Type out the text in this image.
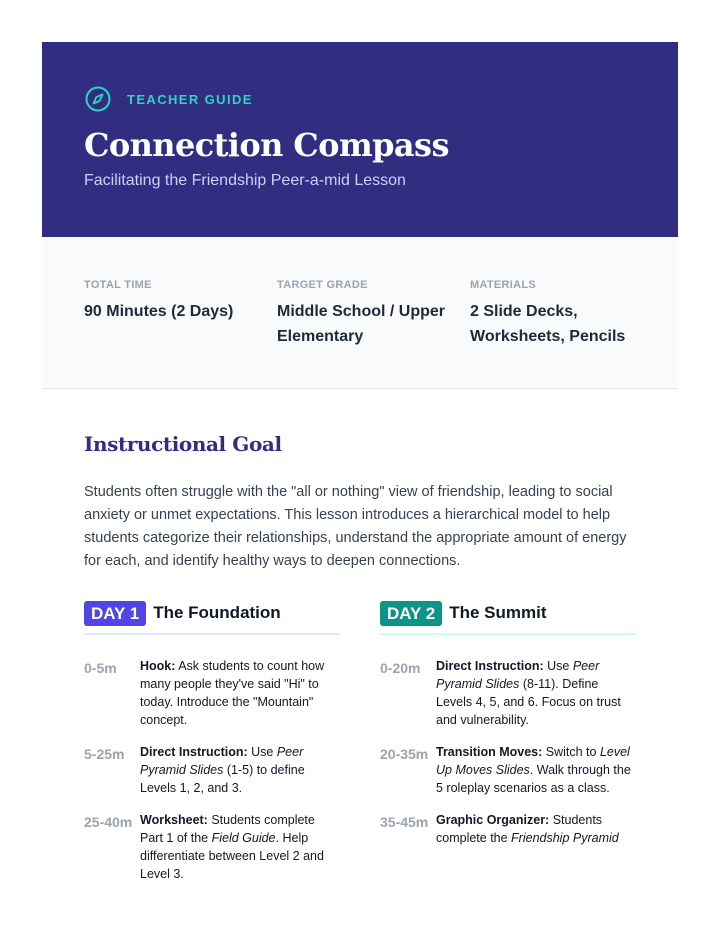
TEACHER GUIDE
Connection Compass
Facilitating the Friendship Peer-a-mid Lesson
TOTAL TIME
90 Minutes (2 Days)
TARGET GRADE
Middle School / Upper Elementary
MATERIALS
2 Slide Decks, Worksheets, Pencils
Instructional Goal

Students often struggle with the "all or nothing" view of friendship, leading to social anxiety or unmet expectations. This lesson introduces a hierarchical model to help students categorize their relationships, understand the appropriate amount of energy for each, and identify healthy ways to deepen connections.

DAY 1 The Foundation
0-5m	Hook: Ask students to count how many people they've said "Hi" to today. Introduce the "Mountain" concept.
5-25m	Direct Instruction: Use Peer Pyramid Slides (1-5) to define Levels 1, 2, and 3.
25-40m Worksheet: Students complete Part 1 of the Field Guide. Help differentiate between Level 2 and Level 3.
DAY 2 The Summit
0-20m	Direct Instruction: Use Peer Pyramid Slides (8-11). Define Levels 4, 5, and 6. Focus on trust and vulnerability.
20-35m Transition Moves: Switch to Level Up Moves Slides. Walk through the 5 roleplay scenarios as a class.
35-45m Graphic Organizer: Students complete the Friendship Pyramid
